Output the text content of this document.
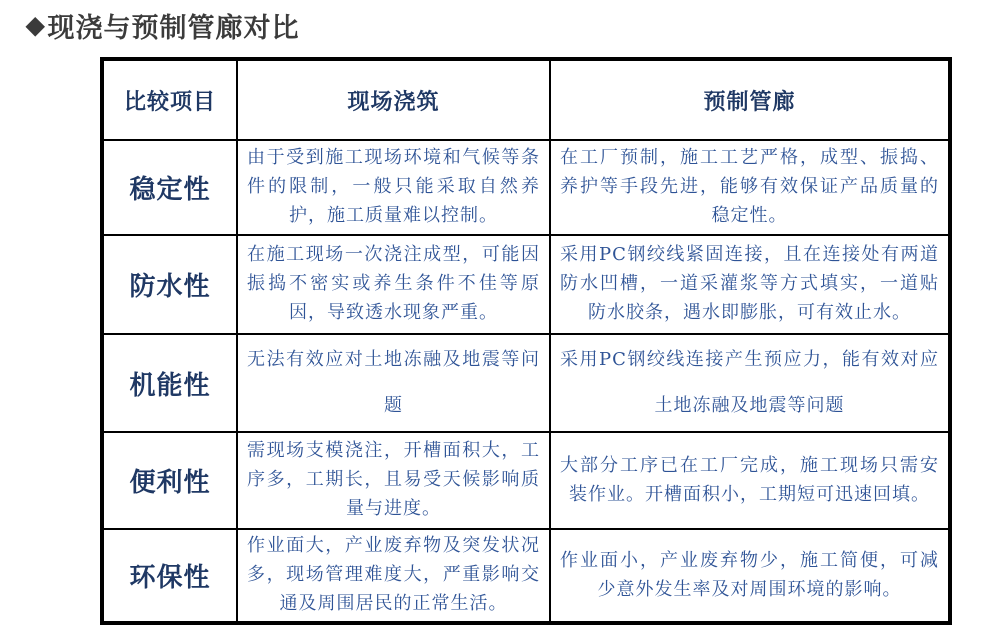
◆ 现浇与预制管廊对比
比较项目	现场浇筑	预制管廊
稳定性	由于受到施工现场环境和气候等条件的限制，一般只能采取自然养护，施工质量难以控制。	在工厂预制，施工工艺严格，成型、振捣、养护等手段先进，能够有效保证产品质量的稳定性。
防水性	在施工现场一次浇注成型，可能因振捣不密实或养生条件不佳等原因，导致透水现象严重。	采用PC钢绞线紧固连接，且在连接处有两道防水凹槽，一道采灌浆等方式填实，一道贴防水胶条，遇水即膨胀，可有效止水。
机能性	无法有效应对土地冻融及地震等问题	采用PC钢绞线连接产生预应力，能有效对应土地冻融及地震等问题
便利性	需现场支模浇注，开槽面积大，工序多，工期长，且易受天候影响质量与进度。	大部分工序已在工厂完成，施工现场只需安装作业。开槽面积小，工期短可迅速回填。
环保性	作业面大，产业废弃物及突发状况多，现场管理难度大，严重影响交通及周围居民的正常生活。	作业面小，产业废弃物少，施工简便，可减少意外发生率及对周围环境的影响。
